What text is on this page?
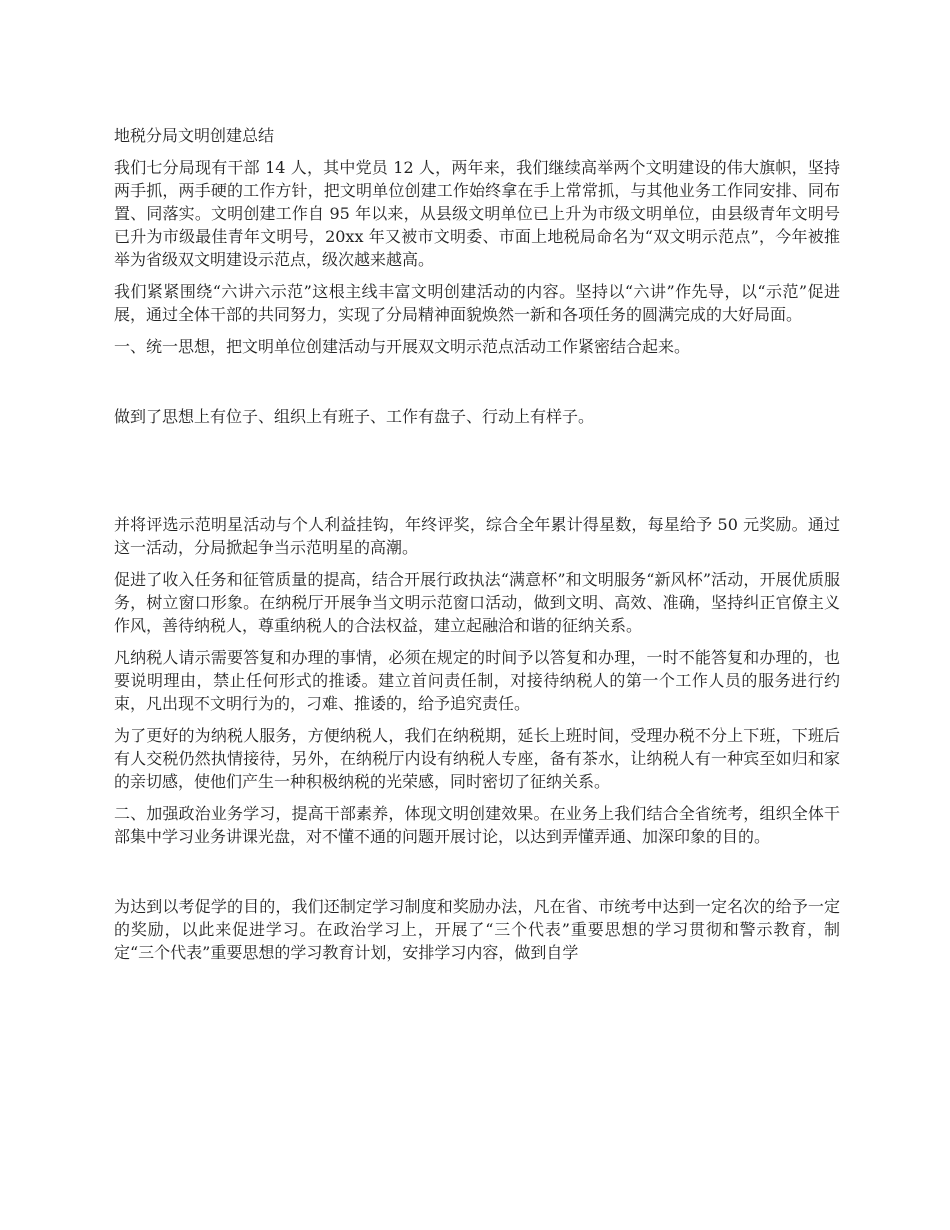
地税分局文明创建总结

我们七分局现有干部 14 人，其中党员 12 人，两年来，我们继续高举两个文明建设的伟大旗帜，坚持两手抓，两手硬的工作方针，把文明单位创建工作始终拿在手上常常抓，与其他业务工作同安排、同布置、同落实。文明创建工作自 95 年以来，从县级文明单位已上升为市级文明单位，由县级青年文明号已升为市级最佳青年文明号，20xx 年又被市文明委、市面上地税局命名为“双文明示范点”，今年被推举为省级双文明建设示范点，级次越来越高。

我们紧紧围绕“六讲六示范”这根主线丰富文明创建活动的内容。坚持以“六讲”作先导，以“示范”促进展，通过全体干部的共同努力，实现了分局精神面貌焕然一新和各项任务的圆满完成的大好局面。

一、统一思想，把文明单位创建活动与开展双文明示范点活动工作紧密结合起来。

做到了思想上有位子、组织上有班子、工作有盘子、行动上有样子。

并将评选示范明星活动与个人利益挂钩，年终评奖，综合全年累计得星数，每星给予 50 元奖励。通过这一活动，分局掀起争当示范明星的高潮。

促进了收入任务和征管质量的提高，结合开展行政执法“满意杯”和文明服务“新风杯”活动，开展优质服务，树立窗口形象。在纳税厅开展争当文明示范窗口活动，做到文明、高效、准确，坚持纠正官僚主义作风，善待纳税人，尊重纳税人的合法权益，建立起融洽和谐的征纳关系。

凡纳税人请示需要答复和办理的事情，必须在规定的时间予以答复和办理，一时不能答复和办理的，也要说明理由，禁止任何形式的推诿。建立首问责任制，对接待纳税人的第一个工作人员的服务进行约束，凡出现不文明行为的，刁难、推诿的，给予追究责任。

为了更好的为纳税人服务，方便纳税人，我们在纳税期，延长上班时间，受理办税不分上下班，下班后有人交税仍然执情接待，另外，在纳税厅内设有纳税人专座，备有茶水，让纳税人有一种宾至如归和家的亲切感，使他们产生一种积极纳税的光荣感，同时密切了征纳关系。

二、加强政治业务学习，提高干部素养，体现文明创建效果。在业务上我们结合全省统考，组织全体干部集中学习业务讲课光盘，对不懂不通的问题开展讨论，以达到弄懂弄通、加深印象的目的。

为达到以考促学的目的，我们还制定学习制度和奖励办法，凡在省、市统考中达到一定名次的给予一定的奖励，以此来促进学习。在政治学习上，开展了“三个代表”重要思想的学习贯彻和警示教育，制定“三个代表”重要思想的学习教育计划，安排学习内容，做到自学
